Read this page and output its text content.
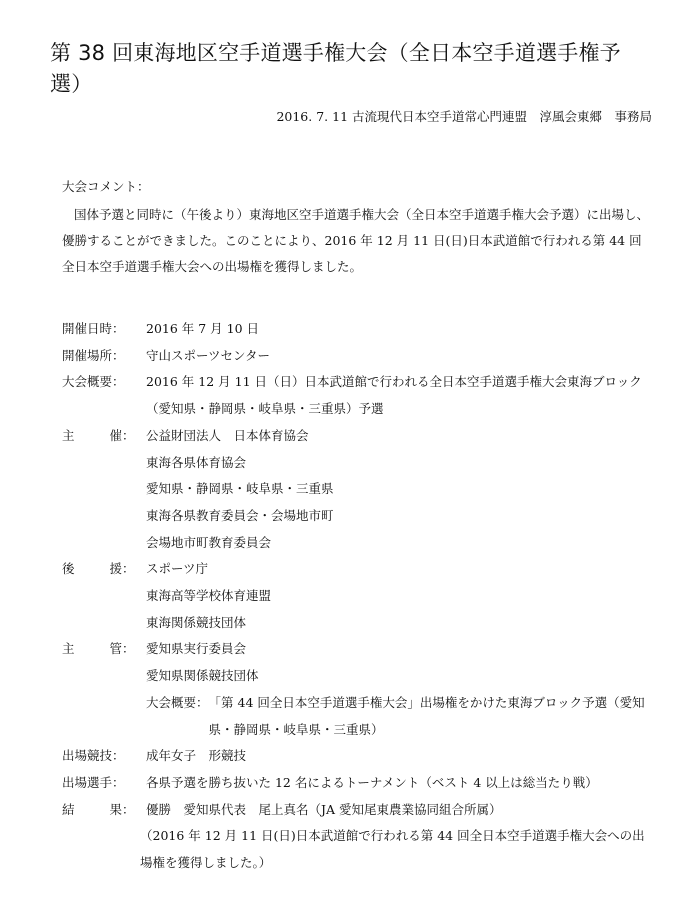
第 38 回東海地区空手道選手権大会（全日本空手道選手権予選）
2016. 7. 11 古流現代日本空手道常心門連盟　淳風会東郷　事務局
大会コメント：
国体予選と同時に（午後より）東海地区空手道選手権大会（全日本空手道選手権大会予選）に出場し、優勝することができました。このことにより、2016 年 12 月 11 日(日)日本武道館で行われる第 44 回全日本空手道選手権大会への出場権を獲得しました。
開催日時：	2016 年 7 月 10 日
開催場所：	守山スポーツセンター
大会概要：	2016 年 12 月 11 日（日）日本武道館で行われる全日本空手道選手権大会東海ブロック（愛知県・静岡県・岐阜県・三重県）予選
主　　催： 公益財団法人　日本体育協会
東海各県体育協会
愛知県・静岡県・岐阜県・三重県
東海各県教育委員会・会場地市町
会場地市町教育委員会
後　　援： スポーツ庁
東海高等学校体育連盟
東海関係競技団体
主　　管： 愛知県実行委員会
愛知県関係競技団体
大会概要： 「第 44 回全日本空手道選手権大会」出場権をかけた東海ブロック予選（愛知県・静岡県・岐阜県・三重県）
出場競技：	成年女子　形競技
出場選手：	各県予選を勝ち抜いた 12 名によるトーナメント（ベスト 4 以上は総当たり戦）
結　　果： 優勝　愛知県代表　尾上真名（JA 愛知尾東農業協同組合所属）
（2016 年 12 月 11 日(日)日本武道館で行われる第 44 回全日本空手道選手権大会への出場権を獲得しました。）
